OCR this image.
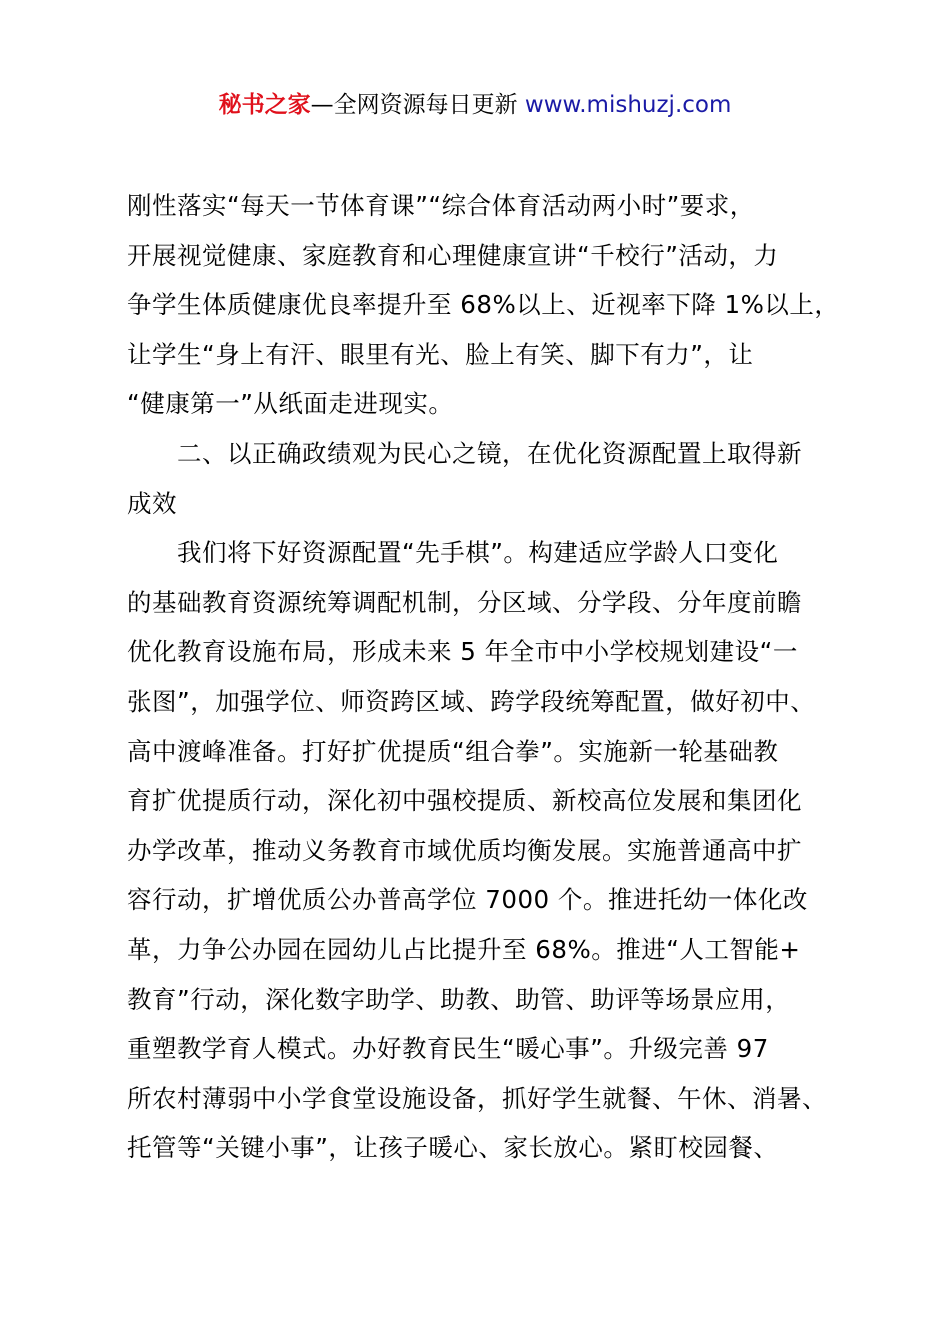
秘书之家—全网资源每日更新 www.mishuzj.com
刚性落实“每天一节体育课”“综合体育活动两小时”要求，
开展视觉健康、家庭教育和心理健康宣讲“千校行”活动，力
争学生体质健康优良率提升至 68%以上、近视率下降 1%以上，
让学生“身上有汗、眼里有光、脸上有笑、脚下有力”，让
“健康第一”从纸面走进现实。
二、以正确政绩观为民心之镜，在优化资源配置上取得新
成效
我们将下好资源配置“先手棋”。构建适应学龄人口变化
的基础教育资源统筹调配机制，分区域、分学段、分年度前瞻
优化教育设施布局，形成未来 5 年全市中小学校规划建设“一
张图”，加强学位、师资跨区域、跨学段统筹配置，做好初中、
高中渡峰准备。打好扩优提质“组合拳”。实施新一轮基础教
育扩优提质行动，深化初中强校提质、新校高位发展和集团化
办学改革，推动义务教育市域优质均衡发展。实施普通高中扩
容行动，扩增优质公办普高学位 7000 个。推进托幼一体化改
革，力争公办园在园幼儿占比提升至 68%。推进“人工智能+
教育”行动，深化数字助学、助教、助管、助评等场景应用，
重塑教学育人模式。办好教育民生“暖心事”。升级完善 97
所农村薄弱中小学食堂设施设备，抓好学生就餐、午休、消暑、
托管等“关键小事”，让孩子暖心、家长放心。紧盯校园餐、
